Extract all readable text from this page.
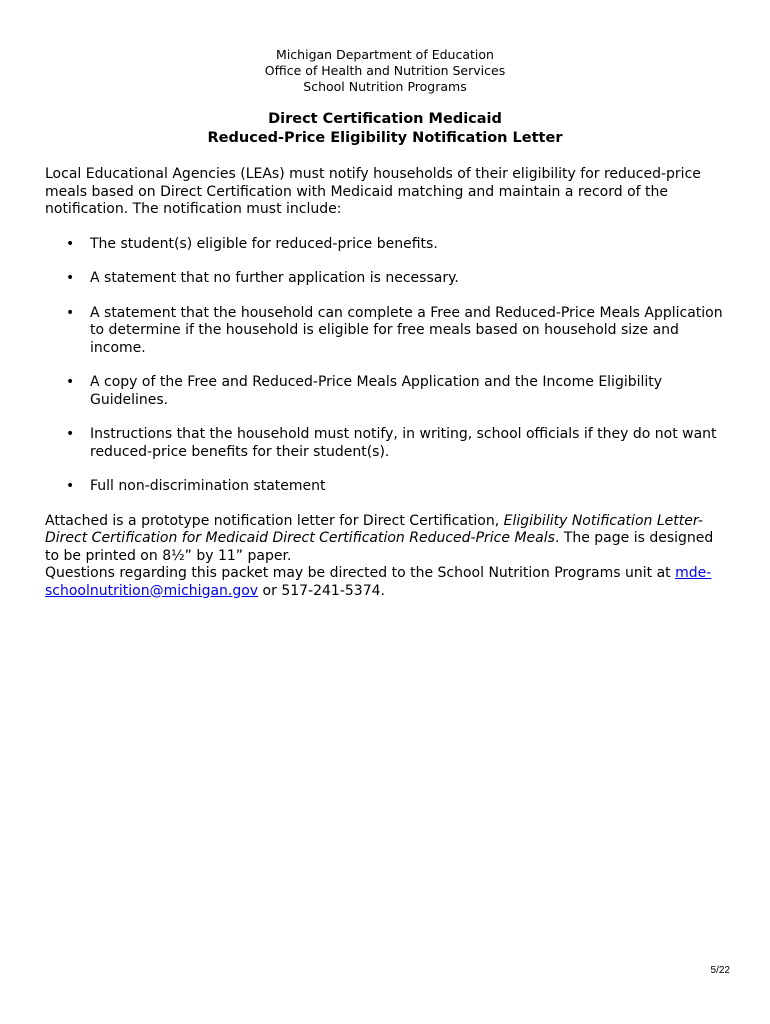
Michigan Department of Education
Office of Health and Nutrition Services
School Nutrition Programs
Direct Certification Medicaid
Reduced-Price Eligibility Notification Letter

Local Educational Agencies (LEAs) must notify households of their eligibility for reduced-price meals based on Direct Certification with Medicaid matching and maintain a record of the notification. The notification must include:

• The student(s) eligible for reduced-price benefits.
• A statement that no further application is necessary.
• A statement that the household can complete a Free and Reduced-Price Meals Application to determine if the household is eligible for free meals based on household size and income.
• A copy of the Free and Reduced-Price Meals Application and the Income Eligibility Guidelines.
• Instructions that the household must notify, in writing, school officials if they do not want reduced-price benefits for their student(s).
• Full non-discrimination statement

Attached is a prototype notification letter for Direct Certification, Eligibility Notification Letter-Direct Certification for Medicaid Direct Certification Reduced-Price Meals. The page is designed to be printed on 8½” by 11” paper.

Questions regarding this packet may be directed to the School Nutrition Programs unit at mde-schoolnutrition@michigan.gov or 517-241-5374.

5/22
